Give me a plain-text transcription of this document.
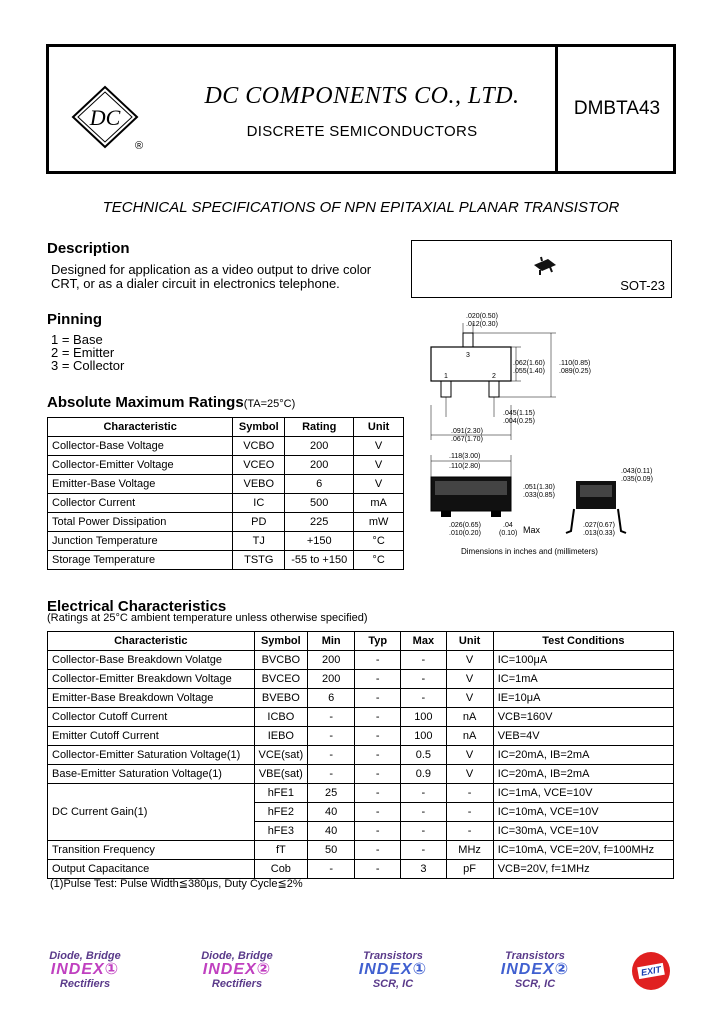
DC
®
DC COMPONENTS CO., LTD.
DISCRETE SEMICONDUCTORS
DMBTA43
TECHNICAL SPECIFICATIONS OF NPN EPITAXIAL PLANAR TRANSISTOR
Description
Designed for application as a video output to drive color
CRT, or as a dialer circuit in electronics telephone.	SOT-23
Pinning
1 = Base
2 = Emitter
3 = Collector
Absolute Maximum Ratings(TA=25°C)
Characteristic	Symbol	Rating	Unit
Collector-Base Voltage	VCBO	200	V
Collector-Emitter Voltage	VCEO	200	V
Emitter-Base Voltage	VEBO	6	V
Collector Current	IC	500	mA
Total Power Dissipation	PD	225	mW
Junction Temperature	TJ	+150	°C
Storage Temperature	TSTG	-55 to +150	°C
3
1	2
.020(0.50)
.012(0.30)
.062(1.60)
.055(1.40)
.110(0.85)
.089(0.25)
.045(1.15)
.004(0.25)
.091(2.30)
.067(1.70)
.118(3.00)
.110(2.80)
.051(1.30)
.033(0.85)
.043(0.11)
.035(0.09)
.026(0.65)
.010(0.20)
.04
(0.10) Max	.027(0.67)
.013(0.33)
Dimensions in inches and (millimeters)
Electrical Characteristics
(Ratings at 25°C ambient temperature unless otherwise specified)
Characteristic	Symbol	Min	Typ	Max	Unit	Test Conditions
Collector-Base Breakdown Volatge	BVCBO	200	-	-	V	IC=100μA
Collector-Emitter Breakdown Voltage	BVCEO	200	-	-	V	IC=1mA
Emitter-Base Breakdown Voltage	BVEBO	6	-	-	V	IE=10μA
Collector Cutoff Current	ICBO	-	-	100	nA	VCB=160V
Emitter Cutoff Current	IEBO	-	-	100	nA	VEB=4V
Collector-Emitter Saturation Voltage(1)	VCE(sat)	-	-	0.5	V	IC=20mA, IB=2mA
Base-Emitter Saturation Voltage(1)	VBE(sat)	-	-	0.9	V	IC=20mA, IB=2mA
DC Current Gain(1)	hFE1	25	-	-	-	IC=1mA, VCE=10V
	hFE2	40	-	-	-	IC=10mA, VCE=10V
	hFE3	40	-	-	-	IC=30mA, VCE=10V
Transition Frequency	fT	50	-	-	MHz	IC=10mA, VCE=20V, f=100MHz
Output Capacitance	Cob	-	-	3	pF	VCB=20V, f=1MHz
(1)Pulse Test: Pulse Width≦380μs, Duty Cycle≦2%
Diode, Bridge
INDEX①
Rectifiers
Diode, Bridge
INDEX②
Rectifiers
Transistors
INDEX①
SCR, IC
Transistors
INDEX②
SCR, IC
EXIT
